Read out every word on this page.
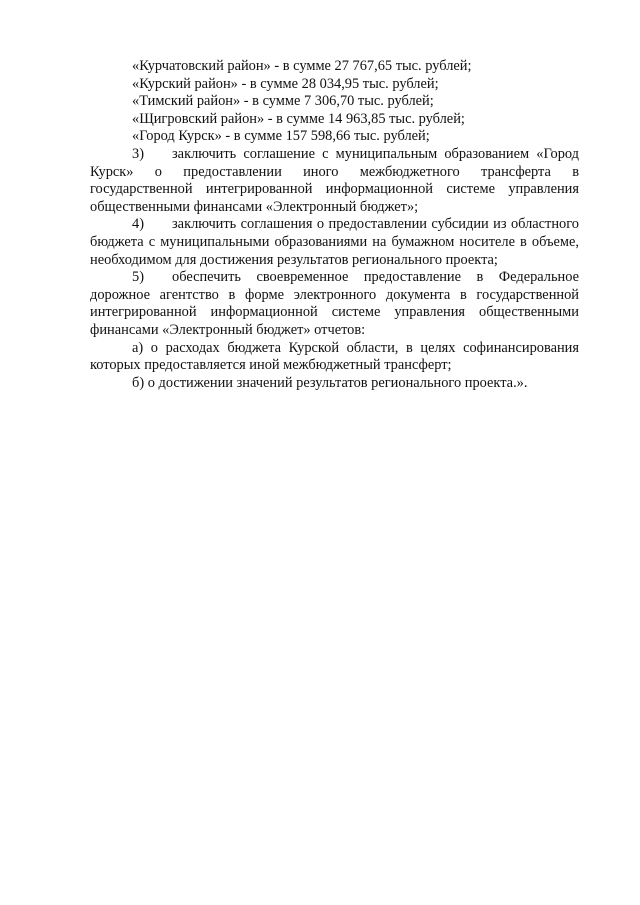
«Курчатовский район» - в сумме 27 767,65 тыс. рублей;
«Курский район» - в сумме 28 034,95 тыс. рублей;
«Тимский район» - в сумме 7 306,70 тыс. рублей;
«Щигровский район» - в сумме 14 963,85 тыс. рублей;
«Город Курск» - в сумме 157 598,66 тыс. рублей;
3) заключить соглашение с муниципальным образованием «Город
Курск» о предоставлении иного межбюджетного трансферта в
государственной интегрированной информационной системе управления
общественными финансами «Электронный бюджет»;
4) заключить соглашения о предоставлении субсидии из областного
бюджета с муниципальными образованиями на бумажном носителе в объеме,
необходимом для достижения результатов регионального проекта;
5) обеспечить своевременное предоставление в Федеральное
дорожное агентство в форме электронного документа в государственной
интегрированной информационной системе управления общественными
финансами «Электронный бюджет» отчетов:
а) о расходах бюджета Курской области, в целях софинансирования
которых предоставляется иной межбюджетный трансферт;
б) о достижении значений результатов регионального проекта.».
